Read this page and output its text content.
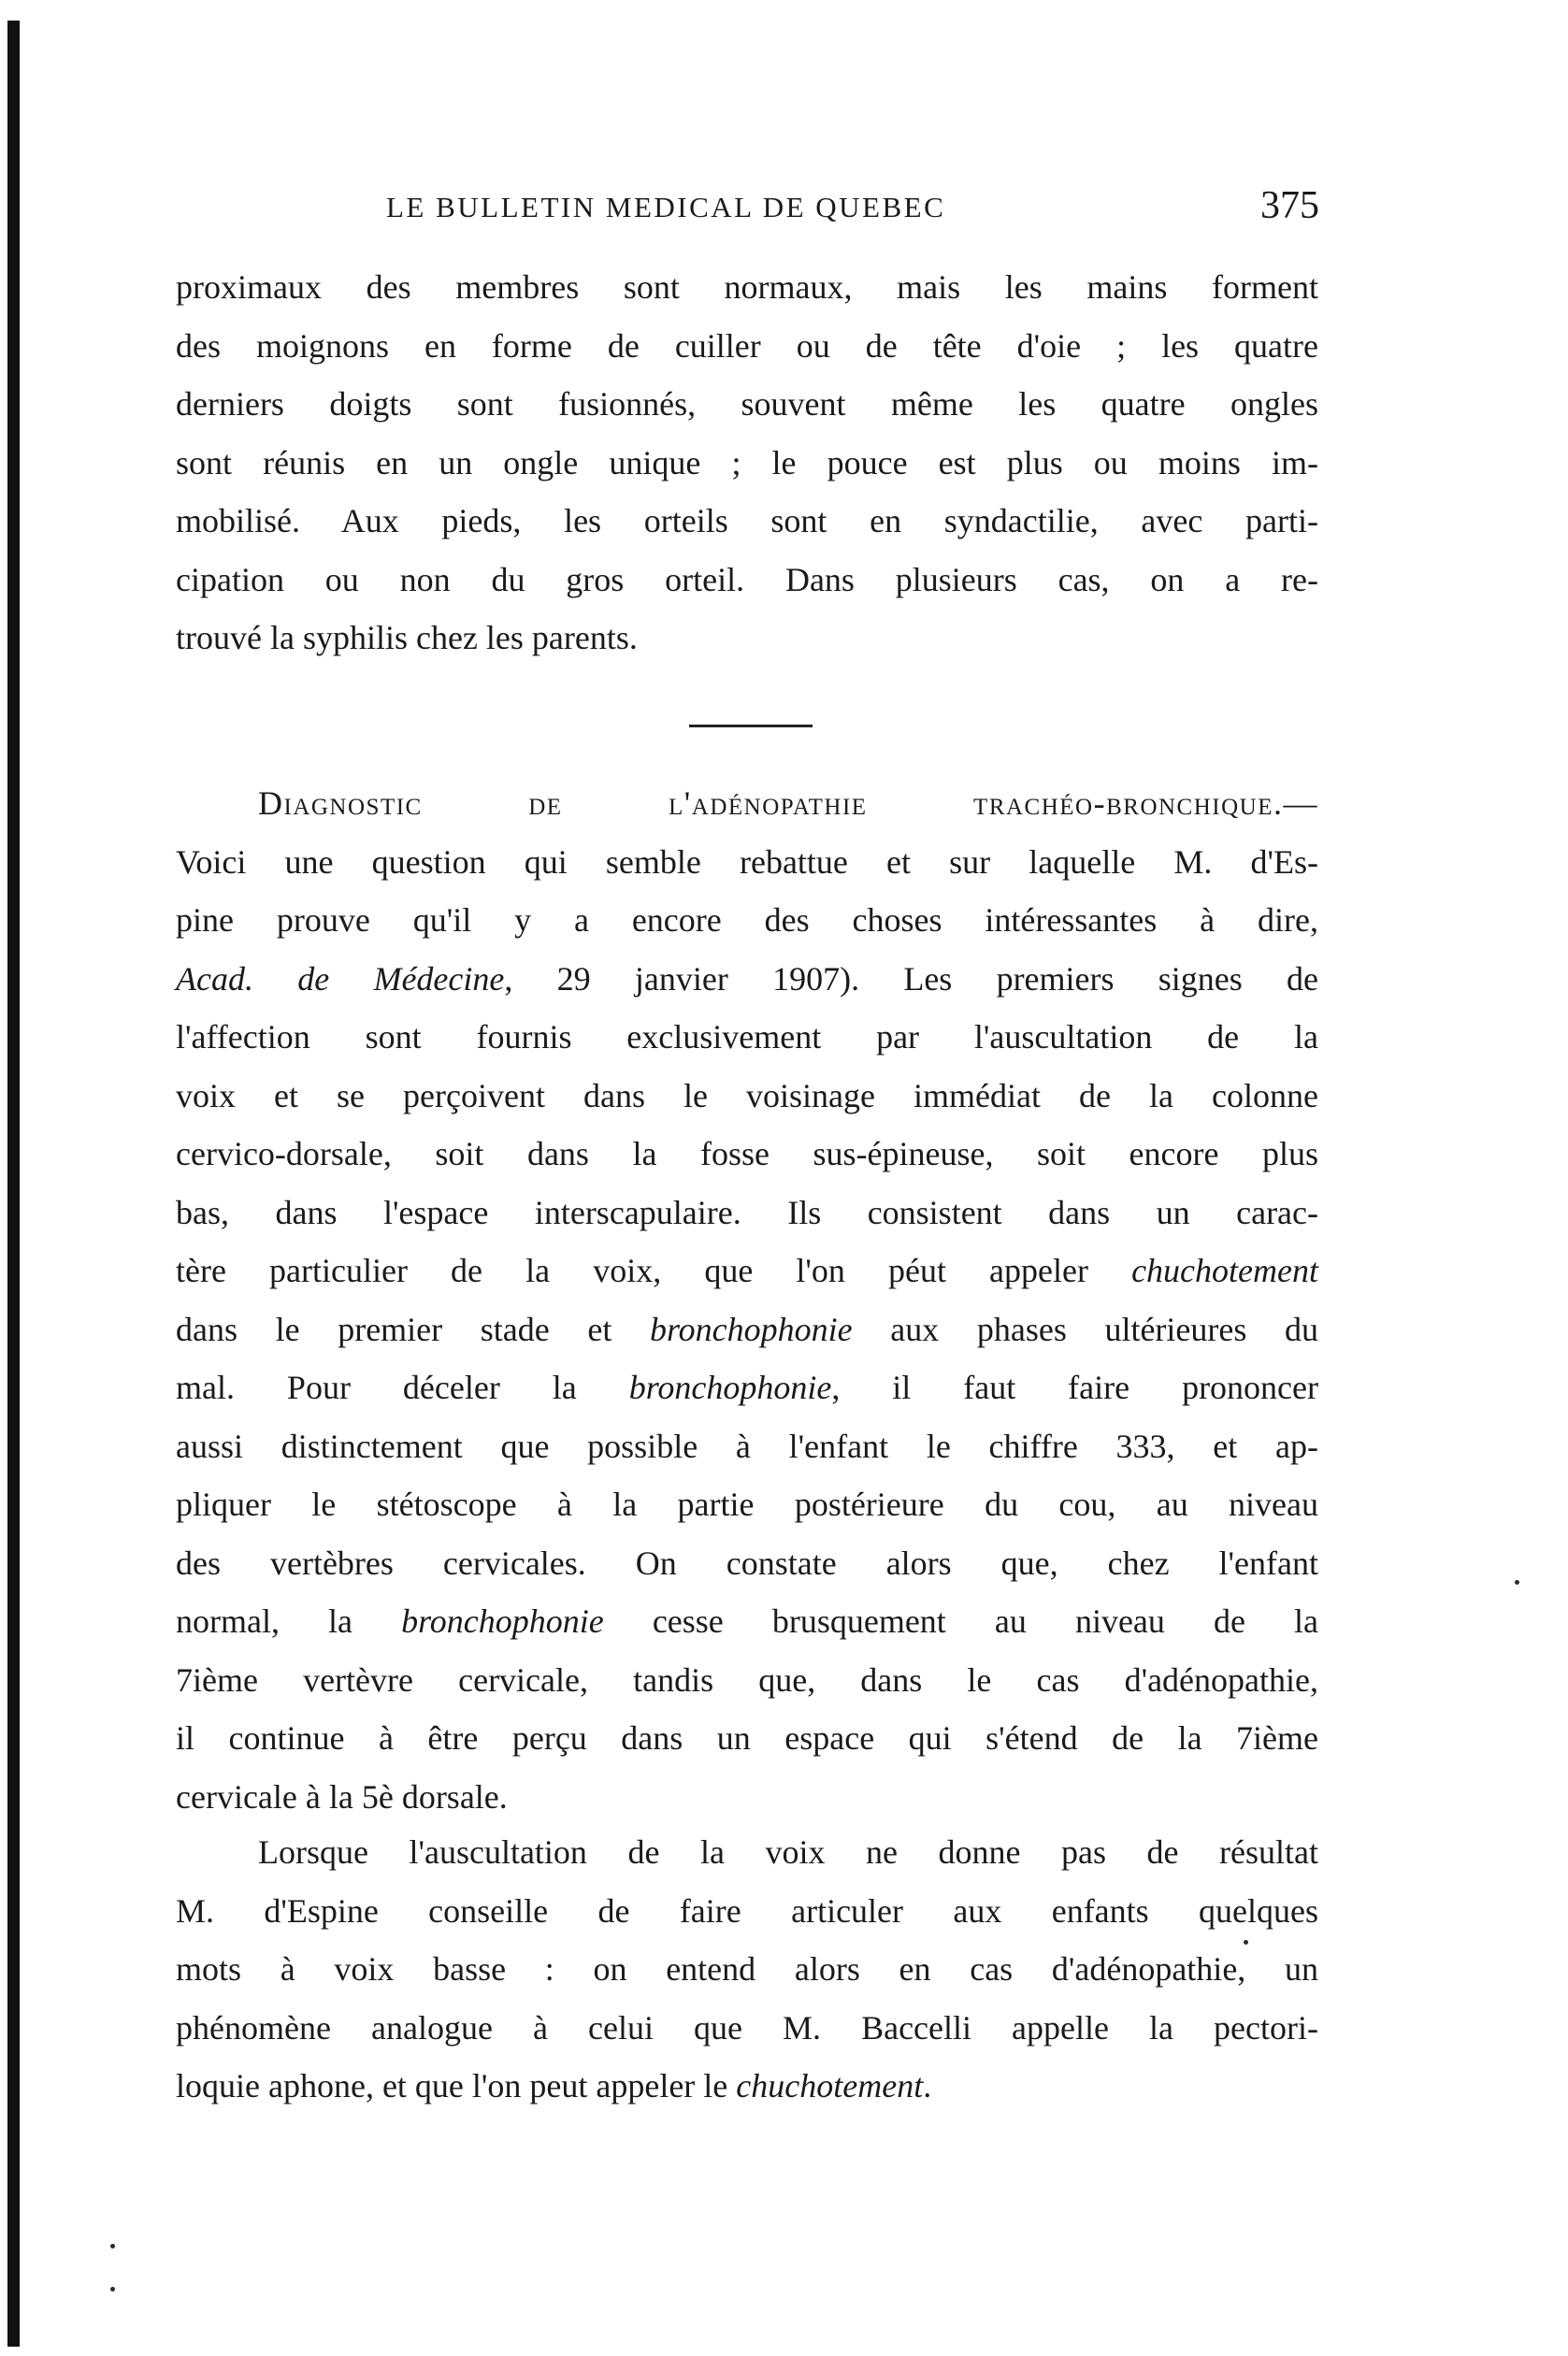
LE BULLETIN MEDICAL DE QUEBEC	375
proximaux des membres sont normaux, mais les mains forment
des moignons en forme de cuiller ou de tête d'oie ; les quatre
derniers doigts sont fusionnés, souvent même les quatre ongles
sont réunis en un ongle unique ; le pouce est plus ou moins im-
mobilisé. Aux pieds, les orteils sont en syndactilie, avec parti-
cipation ou non du gros orteil. Dans plusieurs cas, on a re-
trouvé la syphilis chez les parents.
Diagnostic de l'adénopathie trachéo-bronchique.—
Voici une question qui semble rebattue et sur laquelle M. d'Es-
pine prouve qu'il y a encore des choses intéressantes à dire,
Acad. de Médecine, 29 janvier 1907). Les premiers signes de
l'affection sont fournis exclusivement par l'auscultation de la
voix et se perçoivent dans le voisinage immédiat de la colonne
cervico-dorsale, soit dans la fosse sus-épineuse, soit encore plus
bas, dans l'espace interscapulaire. Ils consistent dans un carac-
tère particulier de la voix, que l'on péut appeler chuchotement
dans le premier stade et bronchophonie aux phases ultérieures du
mal. Pour déceler la bronchophonie, il faut faire prononcer
aussi distinctement que possible à l'enfant le chiffre 333, et ap-
pliquer le stétoscope à la partie postérieure du cou, au niveau
des vertèbres cervicales. On constate alors que, chez l'enfant
normal, la bronchophonie cesse brusquement au niveau de la
7ième vertèvre cervicale, tandis que, dans le cas d'adénopathie,
il continue à être perçu dans un espace qui s'étend de la 7ième
cervicale à la 5è dorsale.
Lorsque l'auscultation de la voix ne donne pas de résultat
M. d'Espine conseille de faire articuler aux enfants quelques
mots à voix basse : on entend alors en cas d'adénopathie, un
phénomène analogue à celui que M. Baccelli appelle la pectori-
loquie aphone, et que l'on peut appeler le chuchotement.
